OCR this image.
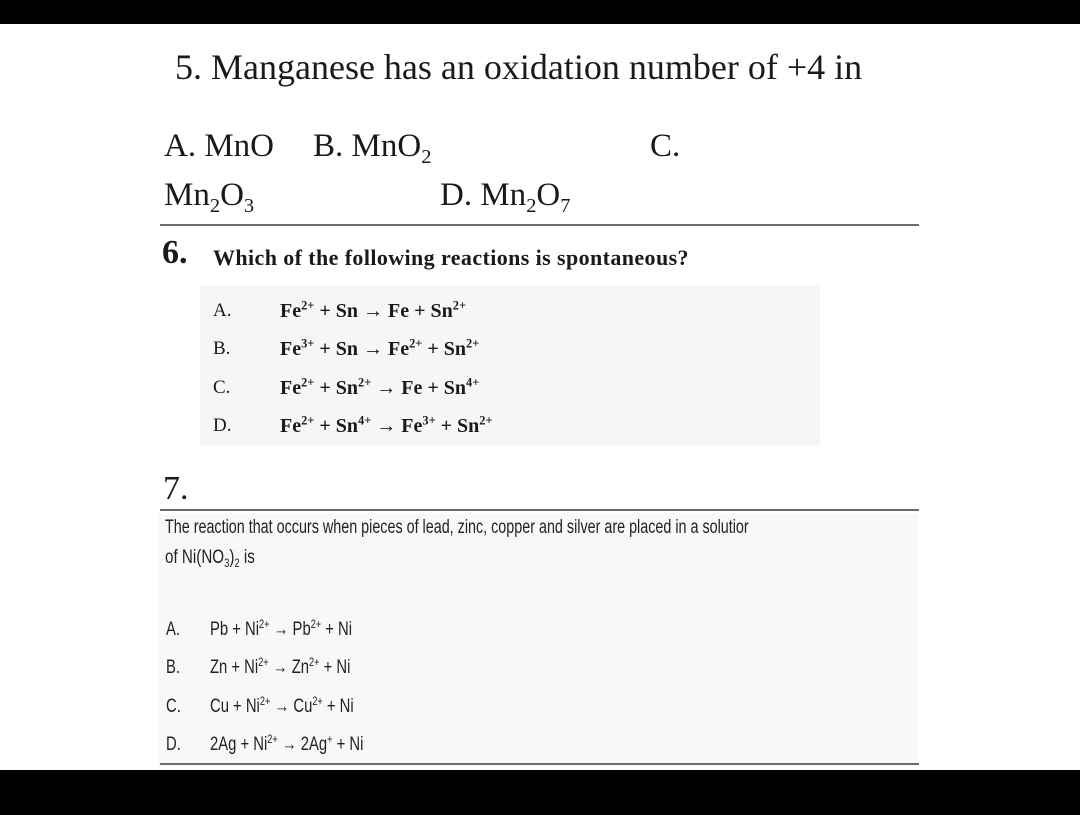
5. Manganese has an oxidation number of +4 in
A. MnO B. MnO$_2$	C.
$Mn_2O_3$	D. $Mn_2O_7$
6. Which of the following reactions is spontaneous?
A. $Fe^{2+} + Sn \to Fe + Sn^{2+}$
B. $Fe^{3+} + Sn \to Fe^{2+} + Sn^{2+}$
C. $Fe^{2+} + Sn^{2+} \to Fe + Sn^{4+}$
D. $Fe^{2+} + Sn^{4+} \to Fe^{3+} + Sn^{2+}$
7.
The reaction that occurs when pieces of lead, zinc, copper and silver are placed in a solutior
of $Ni(NO_3)_2$ is
A. $Pb + Ni^{2+} \to Pb^{2+} + Ni$
B. $Zn + Ni^{2+} \to Zn^{2+} + Ni$
C. $Cu + Ni^{2+} \to Cu^{2+} + Ni$
D. $2Ag + Ni^{2+} \to 2Ag^+ + Ni$
